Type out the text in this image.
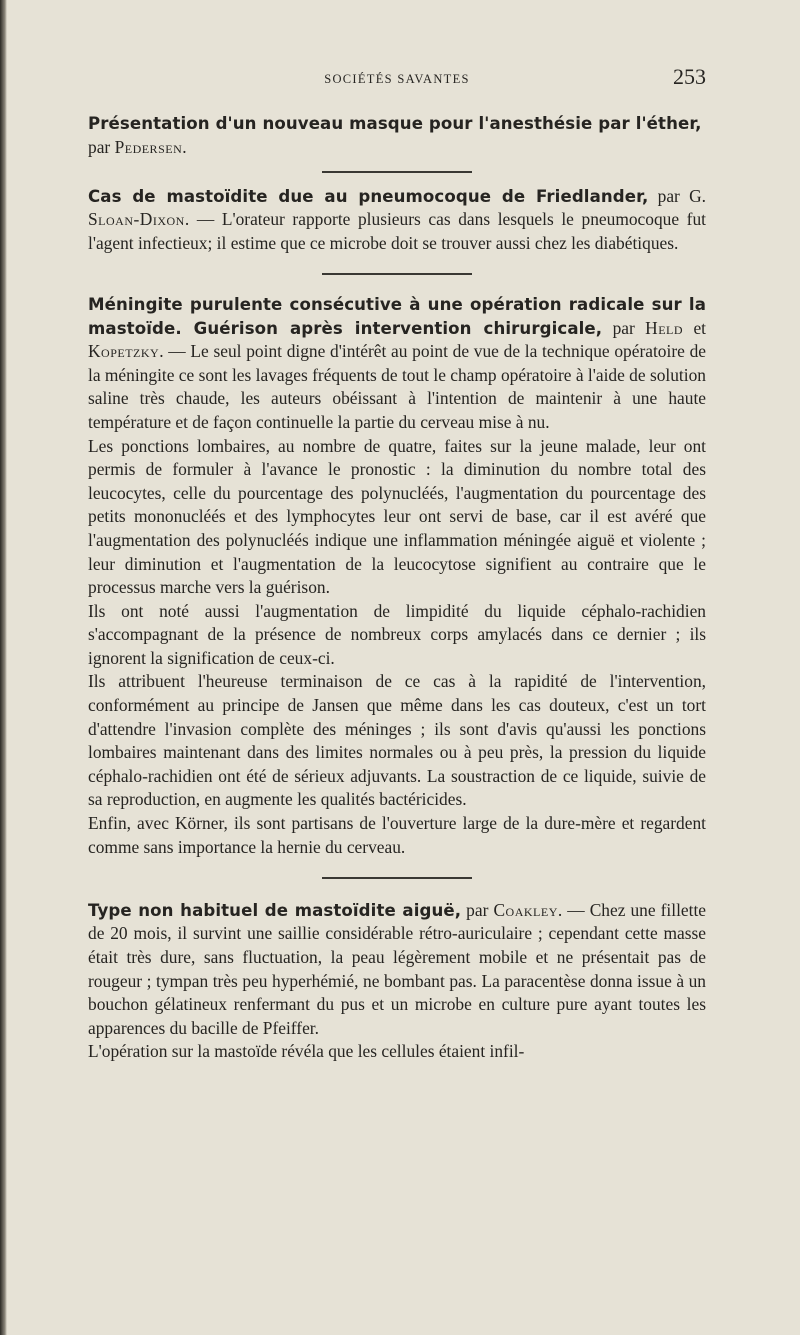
SOCIÉTÉS SAVANTES	253

Présentation d'un nouveau masque pour l'anesthésie par l'éther,
par Pedersen.

Cas de mastoïdite due au pneumocoque de Friedlander, par G. Sloan-Dixon. — L'orateur rapporte plusieurs cas dans lesquels le pneumocoque fut l'agent infectieux; il estime que ce microbe doit se trouver aussi chez les diabétiques.

Méningite purulente consécutive à une opération radicale sur la mastoïde. Guérison après intervention chirurgicale, par Held et Kopetzky. — Le seul point digne d'intérêt au point de vue de la technique opératoire de la méningite ce sont les lavages fréquents de tout le champ opératoire à l'aide de solution saline très chaude, les auteurs obéissant à l'intention de maintenir à une haute température et de façon continuelle la partie du cerveau mise à nu.

Les ponctions lombaires, au nombre de quatre, faites sur la jeune malade, leur ont permis de formuler à l'avance le pronostic : la diminution du nombre total des leucocytes, celle du pourcentage des polynucléés, l'augmentation du pourcentage des petits mononucléés et des lymphocytes leur ont servi de base, car il est avéré que l'augmentation des polynucléés indique une inflammation méningée aiguë et violente ; leur diminution et l'augmentation de la leucocytose signifient au contraire que le processus marche vers la guérison.

Ils ont noté aussi l'augmentation de limpidité du liquide céphalo-rachidien s'accompagnant de la présence de nombreux corps amylacés dans ce dernier ; ils ignorent la signification de ceux-ci.

Ils attribuent l'heureuse terminaison de ce cas à la rapidité de l'intervention, conformément au principe de Jansen que même dans les cas douteux, c'est un tort d'attendre l'invasion complète des méninges ; ils sont d'avis qu'aussi les ponctions lombaires maintenant dans des limites normales ou à peu près, la pression du liquide céphalo-rachidien ont été de sérieux adjuvants. La soustraction de ce liquide, suivie de sa reproduction, en augmente les qualités bactéricides.

Enfin, avec Körner, ils sont partisans de l'ouverture large de la dure-mère et regardent comme sans importance la hernie du cerveau.

Type non habituel de mastoïdite aiguë, par Coakley. — Chez une fillette de 20 mois, il survint une saillie considérable rétro-auriculaire ; cependant cette masse était très dure, sans fluctuation, la peau légèrement mobile et ne présentait pas de rougeur ; tympan très peu hyperhémié, ne bombant pas. La paracentèse donna issue à un bouchon gélatineux renfermant du pus et un microbe en culture pure ayant toutes les apparences du bacille de Pfeiffer.

L'opération sur la mastoïde révéla que les cellules étaient infil-
